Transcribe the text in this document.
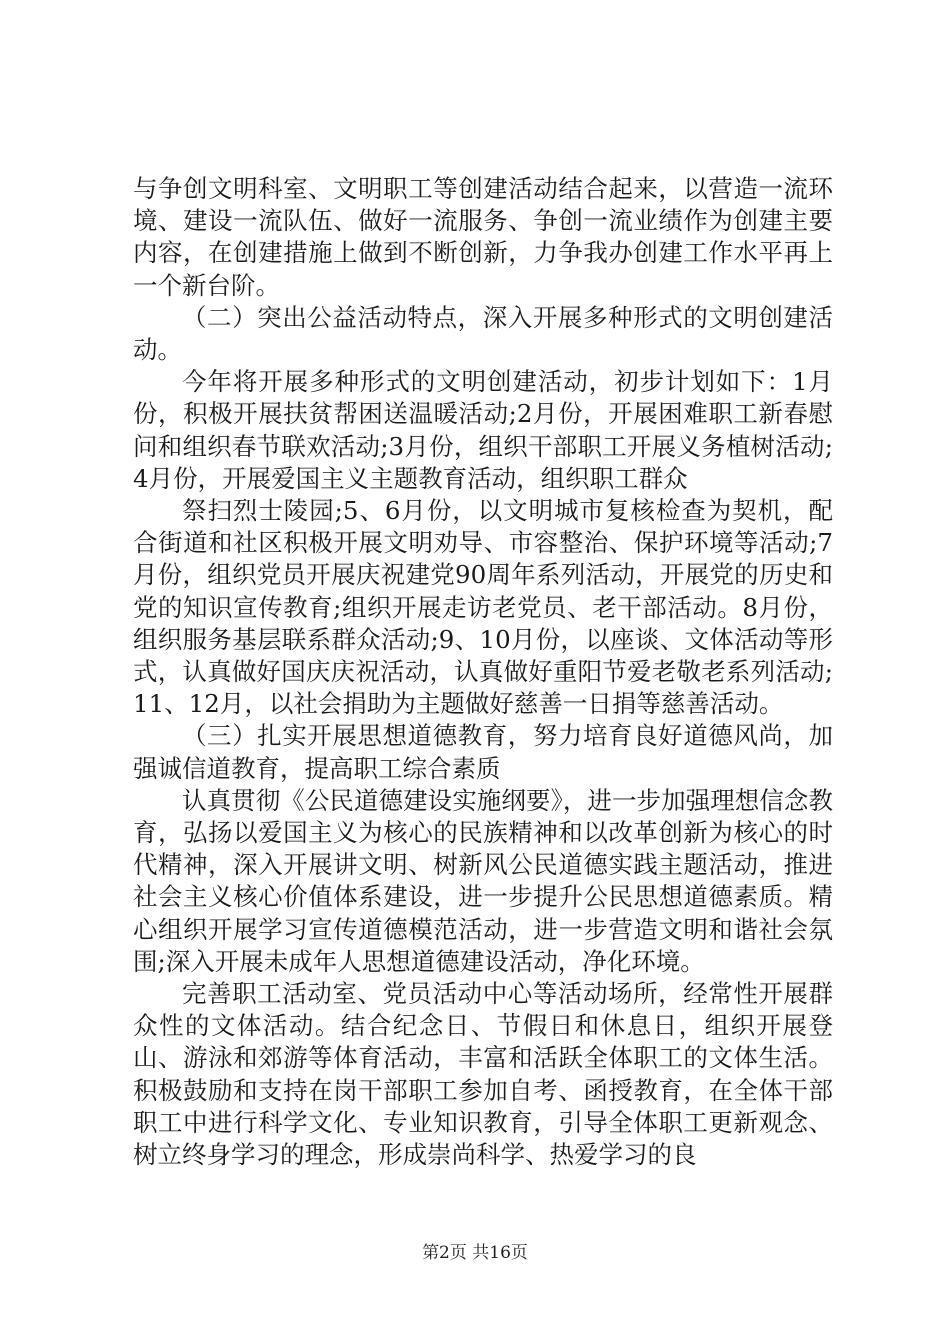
与争创文明科室、文明职工等创建活动结合起来，以营造一流环境、建设一流队伍、做好一流服务、争创一流业绩作为创建主要内容，在创建措施上做到不断创新，力争我办创建工作水平再上一个新台阶。

（二）突出公益活动特点，深入开展多种形式的文明创建活动。

今年将开展多种形式的文明创建活动，初步计划如下：1月份，积极开展扶贫帮困送温暖活动;2月份，开展困难职工新春慰问和组织春节联欢活动;3月份，组织干部职工开展义务植树活动;4月份，开展爱国主义主题教育活动，组织职工群众

祭扫烈士陵园;5、6月份，以文明城市复核检查为契机，配合街道和社区积极开展文明劝导、市容整治、保护环境等活动;7月份，组织党员开展庆祝建党90周年系列活动，开展党的历史和党的知识宣传教育;组织开展走访老党员、老干部活动。8月份，组织服务基层联系群众活动;9、10月份，以座谈、文体活动等形式，认真做好国庆庆祝活动，认真做好重阳节爱老敬老系列活动;11、12月，以社会捐助为主题做好慈善一日捐等慈善活动。

（三）扎实开展思想道德教育，努力培育良好道德风尚，加强诚信道教育，提高职工综合素质

认真贯彻《公民道德建设实施纲要》，进一步加强理想信念教育，弘扬以爱国主义为核心的民族精神和以改革创新为核心的时代精神，深入开展讲文明、树新风公民道德实践主题活动，推进社会主义核心价值体系建设，进一步提升公民思想道德素质。精心组织开展学习宣传道德模范活动，进一步营造文明和谐社会氛围;深入开展未成年人思想道德建设活动，净化环境。

完善职工活动室、党员活动中心等活动场所，经常性开展群众性的文体活动。结合纪念日、节假日和休息日，组织开展登山、游泳和郊游等体育活动，丰富和活跃全体职工的文体生活。积极鼓励和支持在岗干部职工参加自考、函授教育，在全体干部职工中进行科学文化、专业知识教育，引导全体职工更新观念、树立终身学习的理念，形成崇尚科学、热爱学习的良

第2页 共16页
